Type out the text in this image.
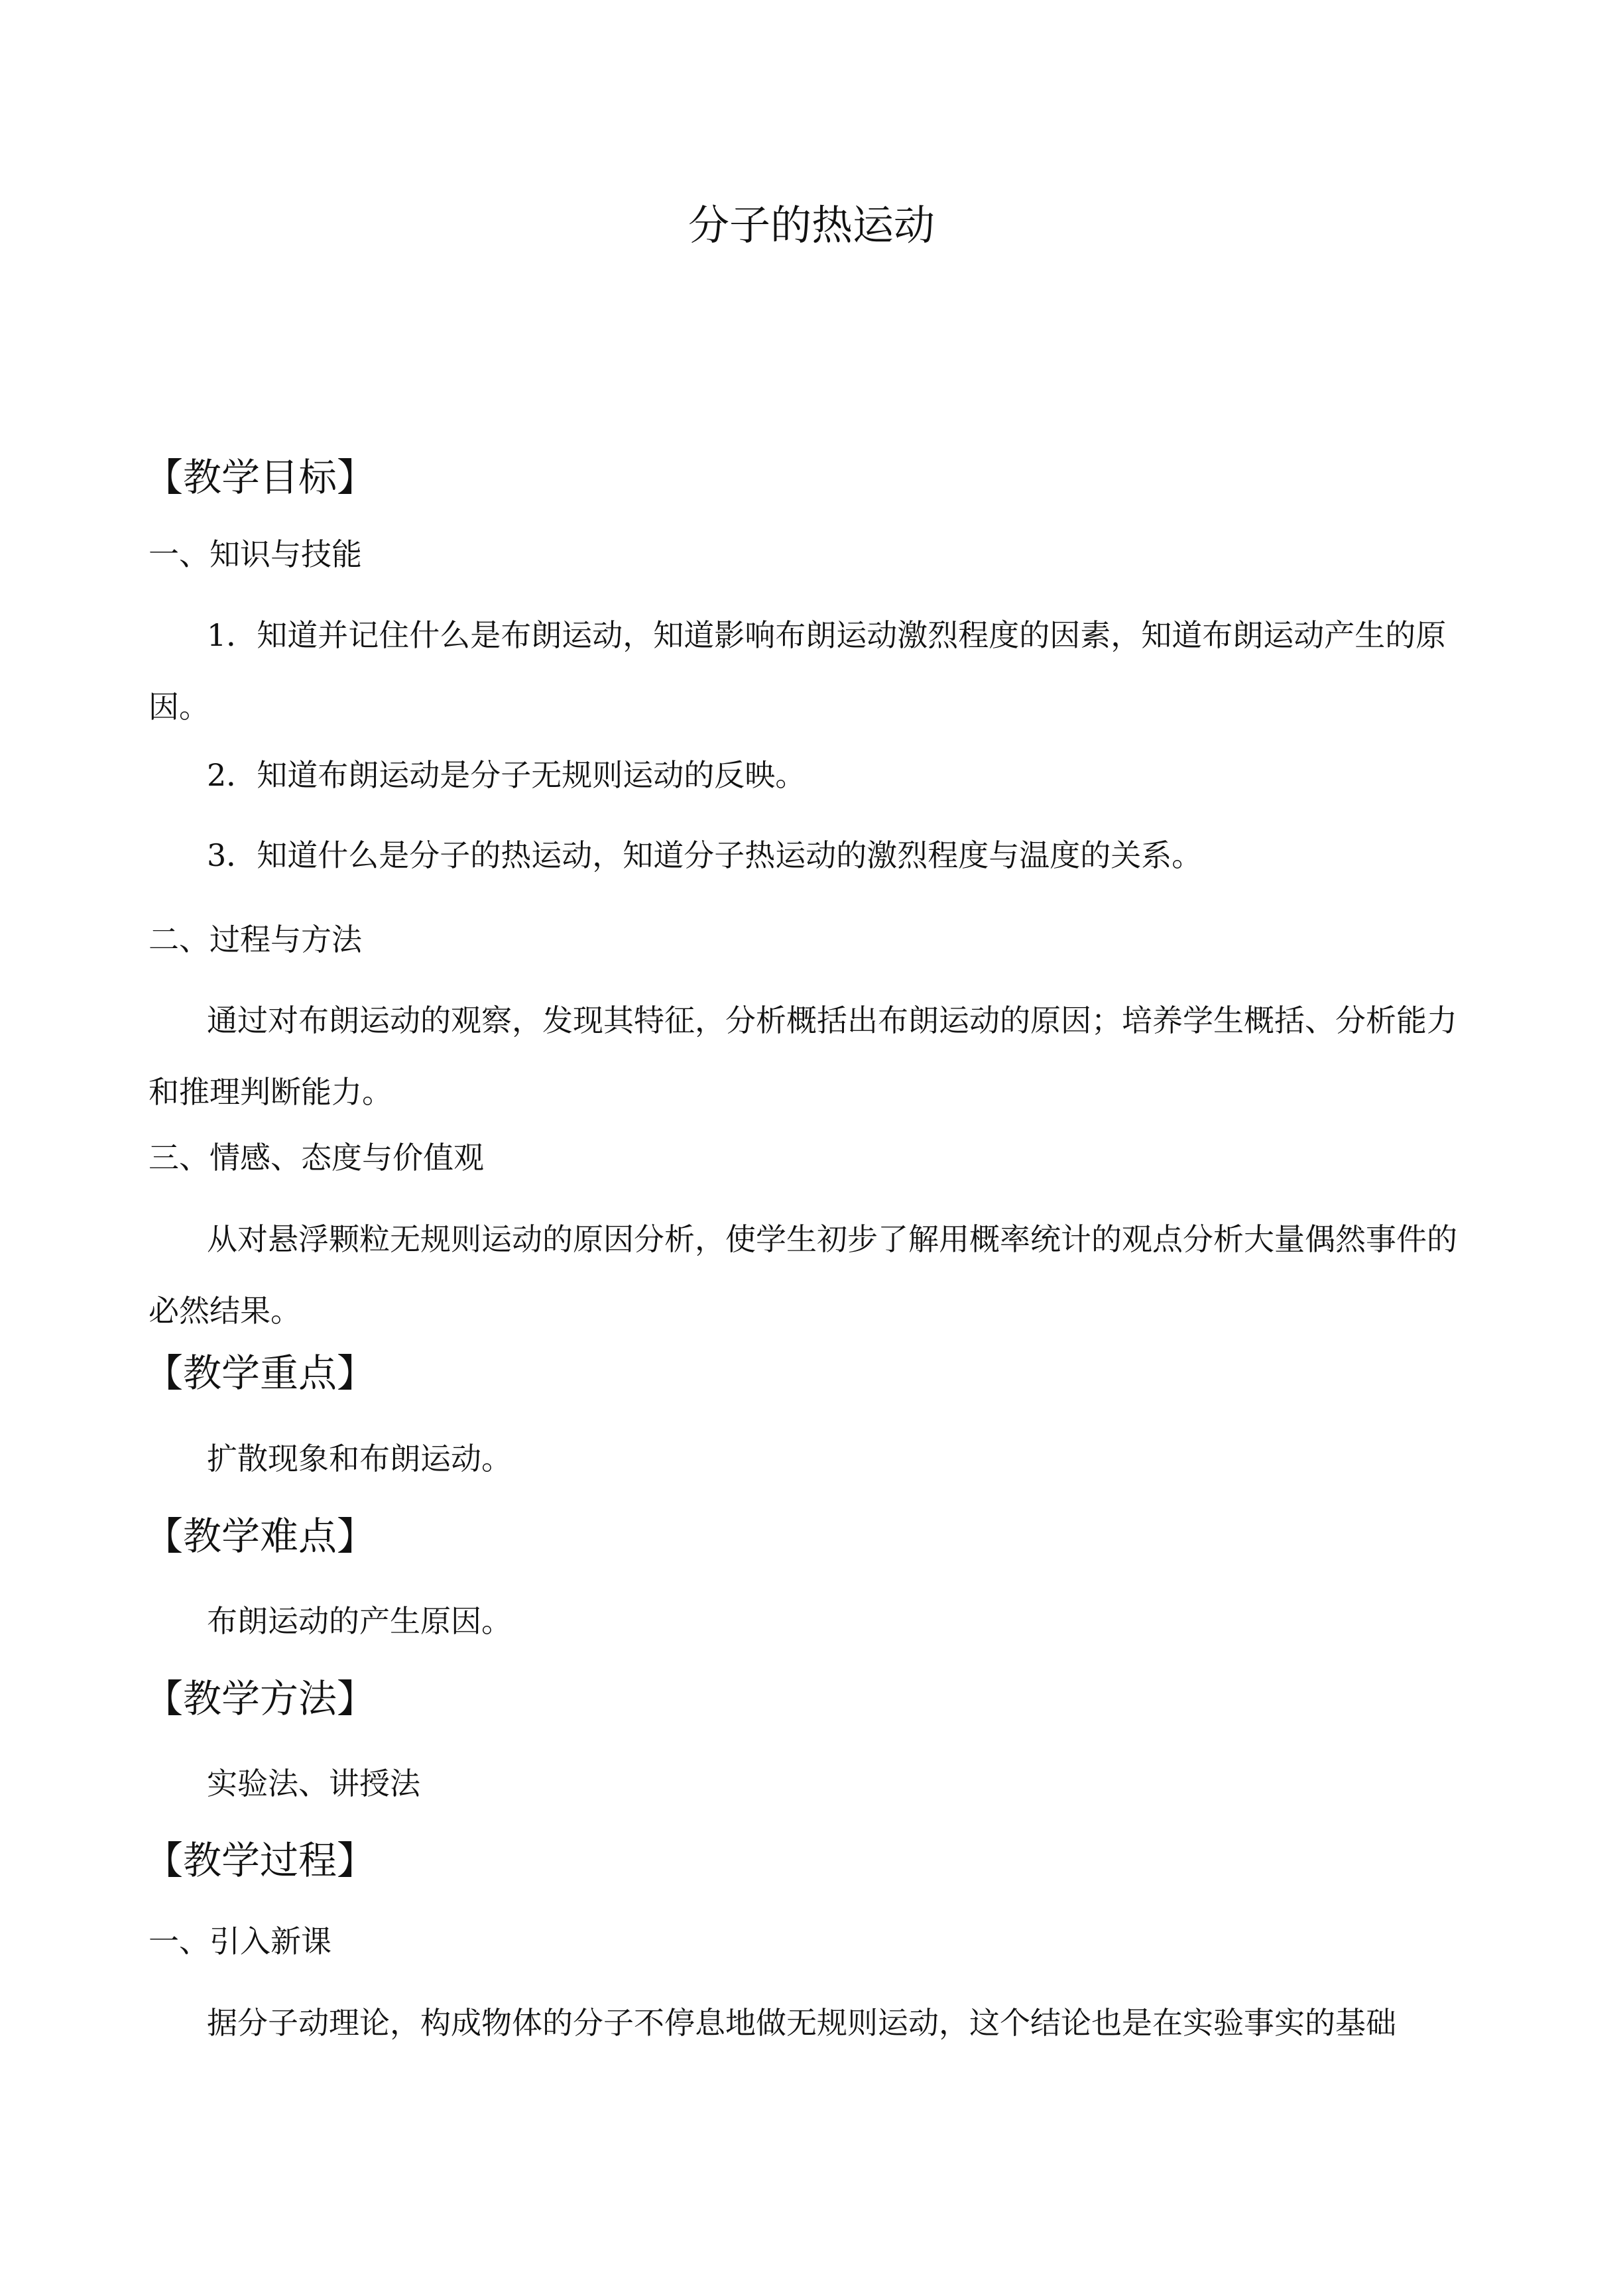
分子的热运动
【教学目标】
一、知识与技能
1．知道并记住什么是布朗运动，知道影响布朗运动激烈程度的因素，知道布朗运动产生的原因。
2．知道布朗运动是分子无规则运动的反映。
3．知道什么是分子的热运动，知道分子热运动的激烈程度与温度的关系。
二、过程与方法
通过对布朗运动的观察，发现其特征，分析概括出布朗运动的原因；培养学生概括、分析能力和推理判断能力。
三、情感、态度与价值观
从对悬浮颗粒无规则运动的原因分析，使学生初步了解用概率统计的观点分析大量偶然事件的必然结果。
【教学重点】
扩散现象和布朗运动。
【教学难点】
布朗运动的产生原因。
【教学方法】
实验法、讲授法
【教学过程】
一、引入新课
据分子动理论，构成物体的分子不停息地做无规则运动，这个结论也是在实验事实的基础
